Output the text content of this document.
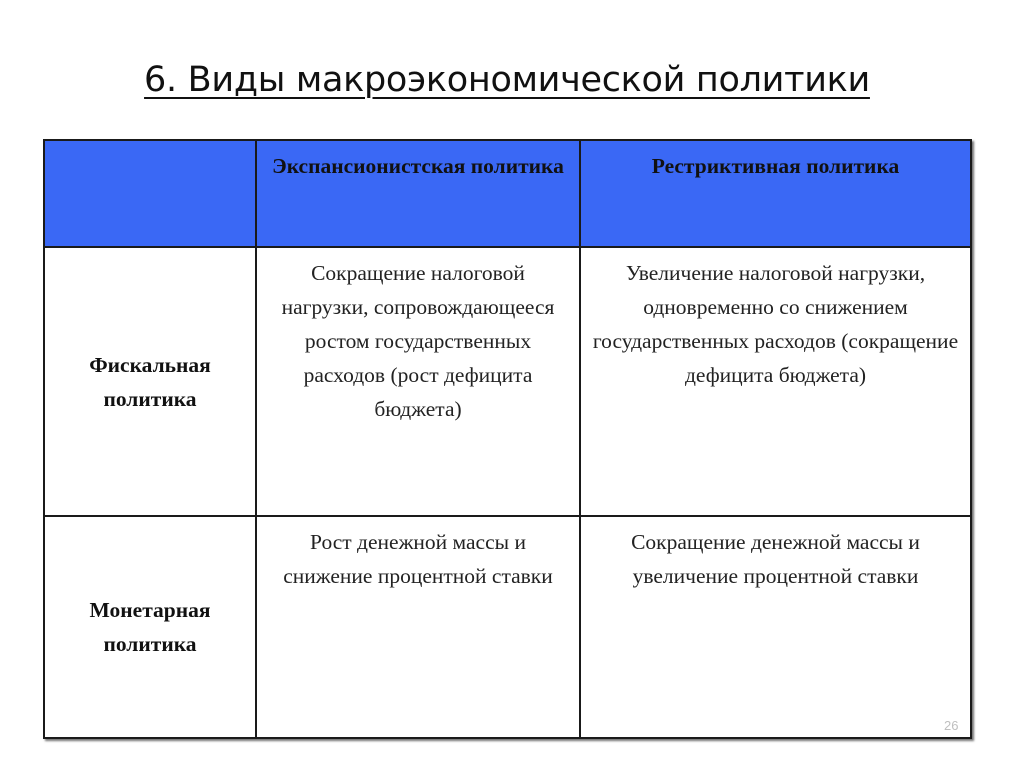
6. Виды макроэкономической политики
	Экспансионистская политика	Рестриктивная политика
Фискальная политика	Сокращение налоговой нагрузки, сопровождающееся ростом государственных расходов (рост дефицита бюджета)	Увеличение налоговой нагрузки, одновременно со снижением государственных расходов (сокращение дефицита бюджета)
Монетарная политика	Рост денежной массы и снижение процентной ставки	Сокращение денежной массы и увеличение процентной ставки
26
